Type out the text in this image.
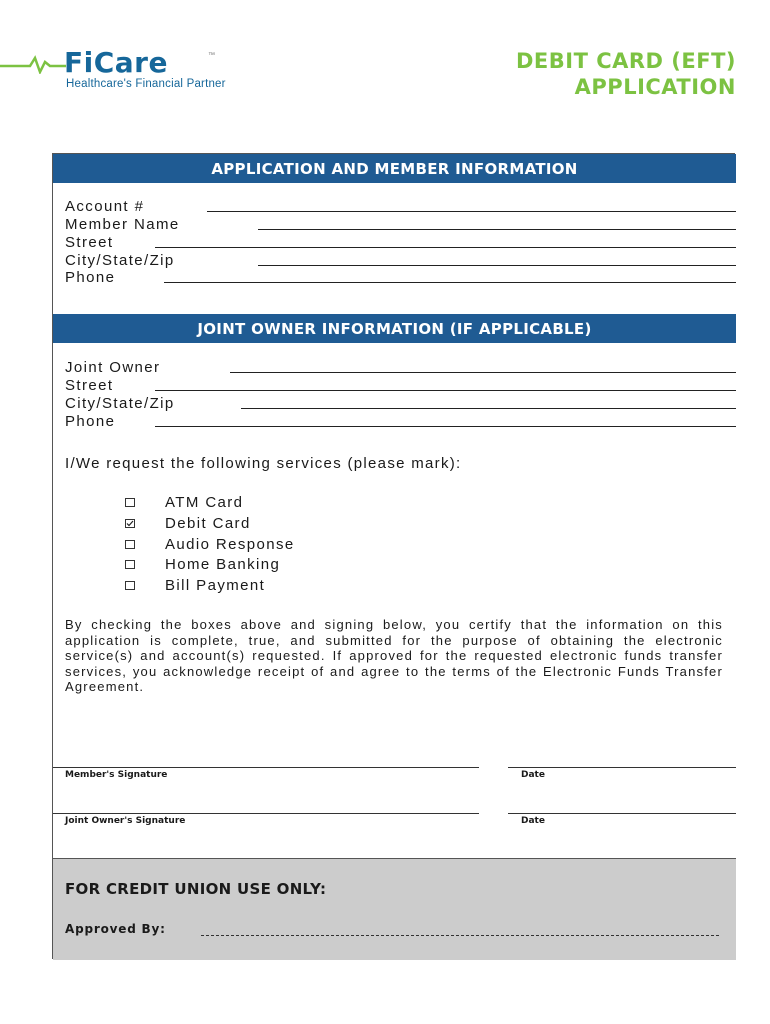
FiCare	™
Healthcare's Financial Partner
DEBIT CARD (EFT)
APPLICATION
APPLICATION AND MEMBER INFORMATION
Account #
Member Name
Street
City/State/Zip
Phone
JOINT OWNER INFORMATION (IF APPLICABLE)
Joint Owner
Street
City/State/Zip
Phone
I/We request the following services (please mark):
ATM Card
Debit Card
Audio Response
Home Banking
Bill Payment
By checking the boxes above and signing below, you certify that the information on this application is complete, true, and submitted for the purpose of obtaining the electronic service(s) and account(s) requested. If approved for the requested electronic funds transfer services, you acknowledge receipt of and agree to the terms of the Electronic Funds Transfer Agreement.
Member's Signature	Date
Joint Owner's Signature	Date
FOR CREDIT UNION USE ONLY:
Approved By:
